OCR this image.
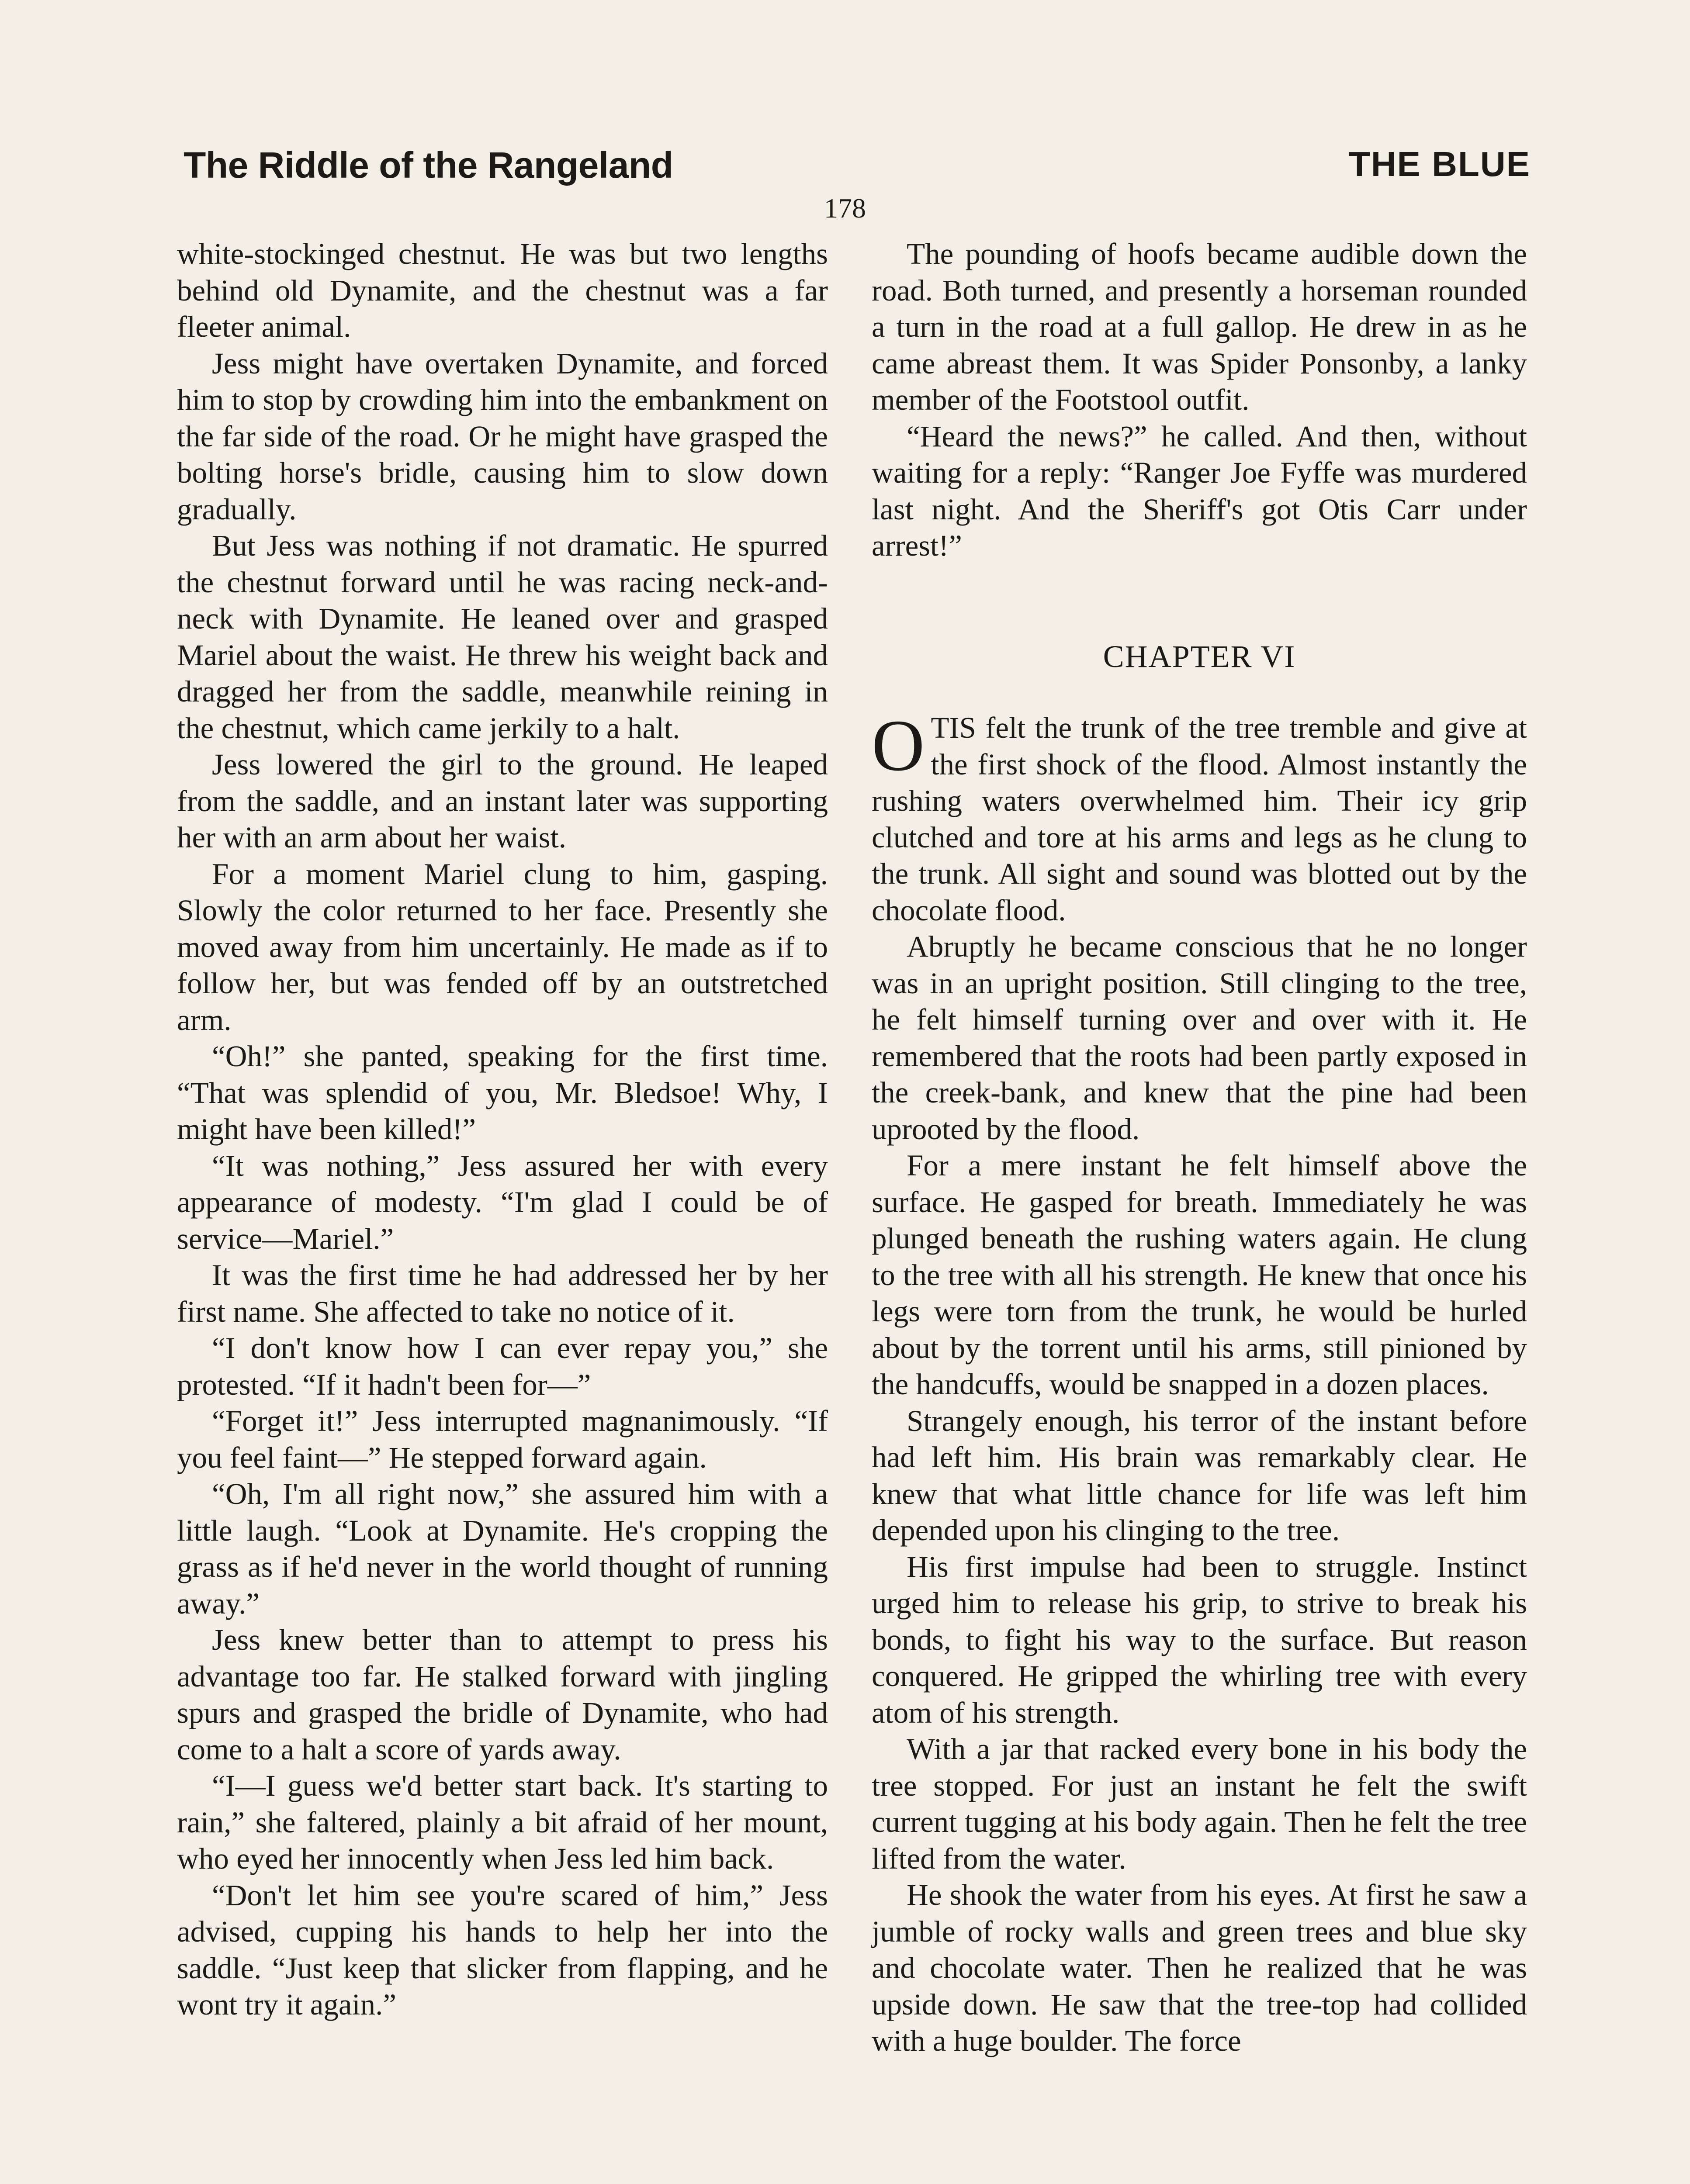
The Riddle of the Rangeland	THE BLUE
178

white-stockinged chestnut. He was but two lengths behind old Dynamite, and the chestnut was a far fleeter animal.

Jess might have overtaken Dynamite, and forced him to stop by crowding him into the embankment on the far side of the road. Or he might have grasped the bolting horse's bridle, causing him to slow down gradually.

But Jess was nothing if not dramatic. He spurred the chestnut forward until he was racing neck-and-neck with Dynamite. He leaned over and grasped Mariel about the waist. He threw his weight back and dragged her from the saddle, meanwhile reining in the chestnut, which came jerkily to a halt.

Jess lowered the girl to the ground. He leaped from the saddle, and an instant later was supporting her with an arm about her waist.

For a moment Mariel clung to him, gasping. Slowly the color returned to her face. Presently she moved away from him uncertainly. He made as if to follow her, but was fended off by an outstretched arm.

“Oh!” she panted, speaking for the first time. “That was splendid of you, Mr. Bledsoe! Why, I might have been killed!”

“It was nothing,” Jess assured her with every appearance of modesty. “I'm glad I could be of service—Mariel.”

It was the first time he had addressed her by her first name. She affected to take no notice of it.

“I don't know how I can ever repay you,” she protested. “If it hadn't been for—”

“Forget it!” Jess interrupted magnanimously. “If you feel faint—” He stepped forward again.

“Oh, I'm all right now,” she assured him with a little laugh. “Look at Dynamite. He's cropping the grass as if he'd never in the world thought of running away.”

Jess knew better than to attempt to press his advantage too far. He stalked forward with jingling spurs and grasped the bridle of Dynamite, who had come to a halt a score of yards away.

“I—I guess we'd better start back. It's starting to rain,” she faltered, plainly a bit afraid of her mount, who eyed her innocently when Jess led him back.

“Don't let him see you're scared of him,” Jess advised, cupping his hands to help her into the saddle. “Just keep that slicker from flapping, and he wont try it again.”

The pounding of hoofs became audible down the road. Both turned, and presently a horseman rounded a turn in the road at a full gallop. He drew in as he came abreast them. It was Spider Ponsonby, a lanky member of the Footstool outfit.

“Heard the news?” he called. And then, without waiting for a reply: “Ranger Joe Fyffe was murdered last night. And the Sheriff's got Otis Carr under arrest!”

CHAPTER VI

OTIS felt the trunk of the tree tremble and give at the first shock of the flood. Almost instantly the rushing waters overwhelmed him. Their icy grip clutched and tore at his arms and legs as he clung to the trunk. All sight and sound was blotted out by the chocolate flood.

Abruptly he became conscious that he no longer was in an upright position. Still clinging to the tree, he felt himself turning over and over with it. He remembered that the roots had been partly exposed in the creek-bank, and knew that the pine had been uprooted by the flood.

For a mere instant he felt himself above the surface. He gasped for breath. Immediately he was plunged beneath the rushing waters again. He clung to the tree with all his strength. He knew that once his legs were torn from the trunk, he would be hurled about by the torrent until his arms, still pinioned by the handcuffs, would be snapped in a dozen places.

Strangely enough, his terror of the instant before had left him. His brain was remarkably clear. He knew that what little chance for life was left him depended upon his clinging to the tree.

His first impulse had been to struggle. Instinct urged him to release his grip, to strive to break his bonds, to fight his way to the surface. But reason conquered. He gripped the whirling tree with every atom of his strength.

With a jar that racked every bone in his body the tree stopped. For just an instant he felt the swift current tugging at his body again. Then he felt the tree lifted from the water.

He shook the water from his eyes. At first he saw a jumble of rocky walls and green trees and blue sky and chocolate water. Then he realized that he was upside down. He saw that the tree-top had collided with a huge boulder. The force
